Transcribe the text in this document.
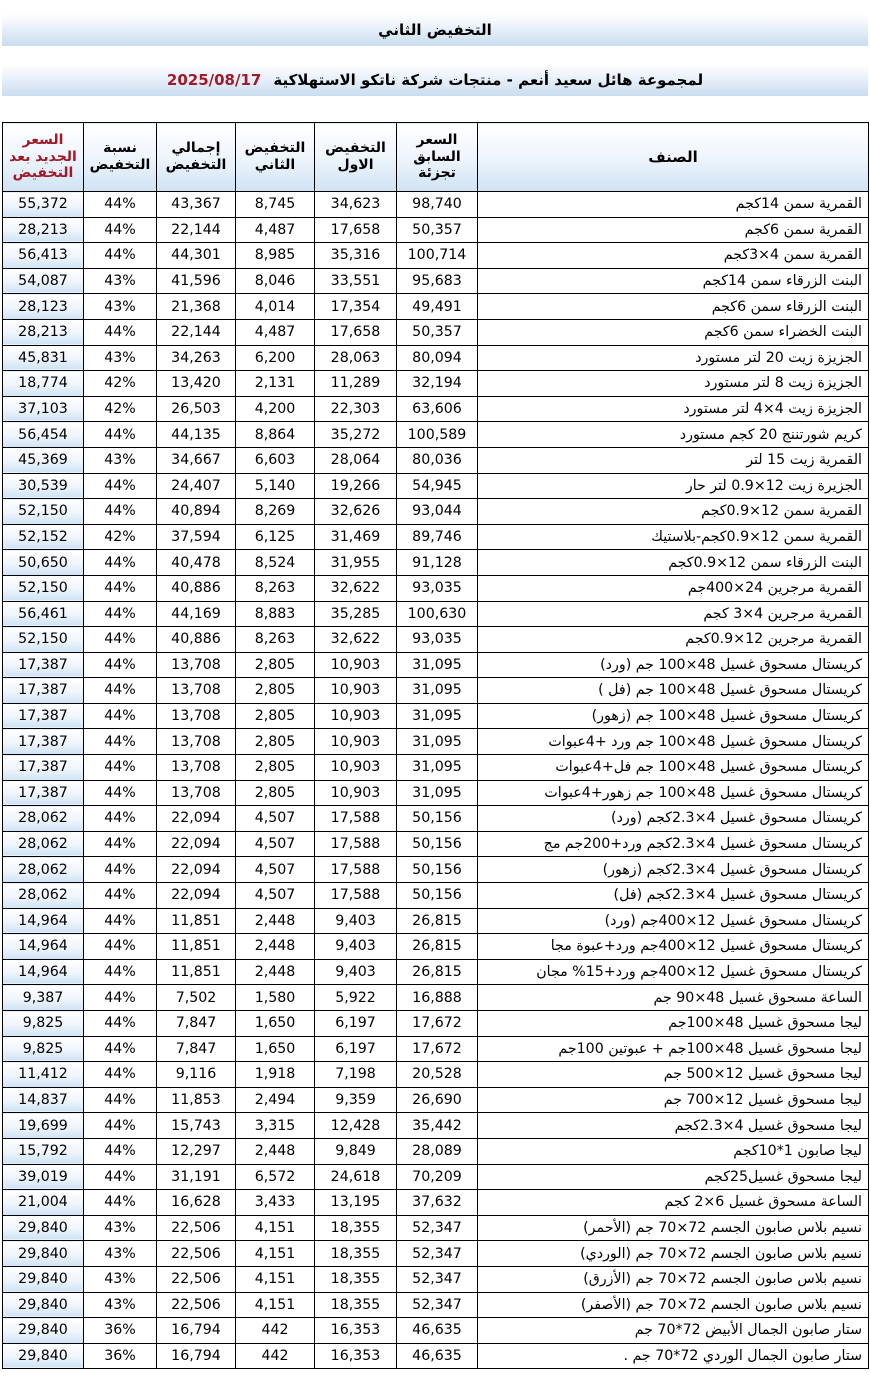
التخفيض الثاني
لمجموعة هائل سعيد أنعم - منتجات شركة ناتكو الاستهلاكية
2025/08/17
الصنف	السعر السابق تجزئة	التخفيض الاول	التخفيض الثاني	إجمالي التخفيض	نسبة التخفيض	السعر الجديد بعد التخفيض
القمرية سمن 14كجم	98,740	34,623	8,745	43,367	44%	55,372
القمرية سمن 6كجم	50,357	17,658	4,487	22,144	44%	28,213
القمرية سمن 4×3كجم	100,714	35,316	8,985	44,301	44%	56,413
البنت الزرقاء سمن 14كجم	95,683	33,551	8,046	41,596	43%	54,087
البنت الزرقاء سمن 6كجم	49,491	17,354	4,014	21,368	43%	28,123
البنت الخضراء سمن 6كجم	50,357	17,658	4,487	22,144	44%	28,213
الجزيزة زيت 20 لتر مستورد	80,094	28,063	6,200	34,263	43%	45,831
الجزيزة زيت 8 لتر مستورد	32,194	11,289	2,131	13,420	42%	18,774
الجزيزة زيت 4×4 لتر مستورد	63,606	22,303	4,200	26,503	42%	37,103
كريم شورتننج 20 كجم مستورد	100,589	35,272	8,864	44,135	44%	56,454
القمرية زيت 15 لتر	80,036	28,064	6,603	34,667	43%	45,369
الجزيرة زيت 12×0.9 لتر حار	54,945	19,266	5,140	24,407	44%	30,539
القمرية سمن 12×0.9كجم	93,044	32,626	8,269	40,894	44%	52,150
القمرية سمن 12×0.9كجم-بلاستيك	89,746	31,469	6,125	37,594	42%	52,152
البنت الزرقاء سمن 12×0.9كجم	91,128	31,955	8,524	40,478	44%	50,650
القمرية مرجرين 24×400جم	93,035	32,622	8,263	40,886	44%	52,150
القمرية مرجرين 4×3 كجم	100,630	35,285	8,883	44,169	44%	56,461
القمرية مرجرين 12×0.9كجم	93,035	32,622	8,263	40,886	44%	52,150
كريستال مسحوق غسيل 48×100 جم (ورد)	31,095	10,903	2,805	13,708	44%	17,387
كريستال مسحوق غسيل 48×100 جم (فل )	31,095	10,903	2,805	13,708	44%	17,387
كريستال مسحوق غسيل 48×100 جم (زهور)	31,095	10,903	2,805	13,708	44%	17,387
كريستال مسحوق غسيل 48×100 جم ورد +4عبوات	31,095	10,903	2,805	13,708	44%	17,387
كريستال مسحوق غسيل 48×100 جم فل+4عبوات	31,095	10,903	2,805	13,708	44%	17,387
كريستال مسحوق غسيل 48×100 جم زهور+4عبوات	31,095	10,903	2,805	13,708	44%	17,387
كريستال مسحوق غسيل 4×2.3كجم (ورد)	50,156	17,588	4,507	22,094	44%	28,062
كريستال مسحوق غسيل 4×2.3كجم ورد+200جم مج	50,156	17,588	4,507	22,094	44%	28,062
كريستال مسحوق غسيل 4×2.3كجم (زهور)	50,156	17,588	4,507	22,094	44%	28,062
كريستال مسحوق غسيل 4×2.3كجم (فل)	50,156	17,588	4,507	22,094	44%	28,062
كريستال مسحوق غسيل 12×400جم (ورد)	26,815	9,403	2,448	11,851	44%	14,964
كريستال مسحوق غسيل 12×400جم ورد+عبوة مجا	26,815	9,403	2,448	11,851	44%	14,964
كريستال مسحوق غسيل 12×400جم ورد+15% مجان	26,815	9,403	2,448	11,851	44%	14,964
الساعة مسحوق غسيل 48×90 جم	16,888	5,922	1,580	7,502	44%	9,387
ليجا مسحوق غسيل 48×100جم	17,672	6,197	1,650	7,847	44%	9,825
ليجا مسحوق غسيل 48×100جم + عبوتين 100جم	17,672	6,197	1,650	7,847	44%	9,825
ليجا مسحوق غسيل 12×500 جم	20,528	7,198	1,918	9,116	44%	11,412
ليجا مسحوق غسيل 12×700 جم	26,690	9,359	2,494	11,853	44%	14,837
ليجا مسحوق غسيل 4×2.3كجم	35,442	12,428	3,315	15,743	44%	19,699
ليجا صابون 1*10كجم	28,089	9,849	2,448	12,297	44%	15,792
ليجا مسحوق غسيل25كجم	70,209	24,618	6,572	31,191	44%	39,019
الساعة مسحوق غسيل 6×2 كجم	37,632	13,195	3,433	16,628	44%	21,004
نسيم بلاس صابون الجسم 72×70 جم (الأحمر)	52,347	18,355	4,151	22,506	43%	29,840
نسيم بلاس صابون الجسم 72×70 جم (الوردي)	52,347	18,355	4,151	22,506	43%	29,840
نسيم بلاس صابون الجسم 72×70 جم (الأزرق)	52,347	18,355	4,151	22,506	43%	29,840
نسيم بلاس صابون الجسم 72×70 جم (الأصفر)	52,347	18,355	4,151	22,506	43%	29,840
ستار صابون الجمال الأبيض 72*70 جم	46,635	16,353	442	16,794	36%	29,840
ستار صابون الجمال الوردي 72*70 جم .	46,635	16,353	442	16,794	36%	29,840
